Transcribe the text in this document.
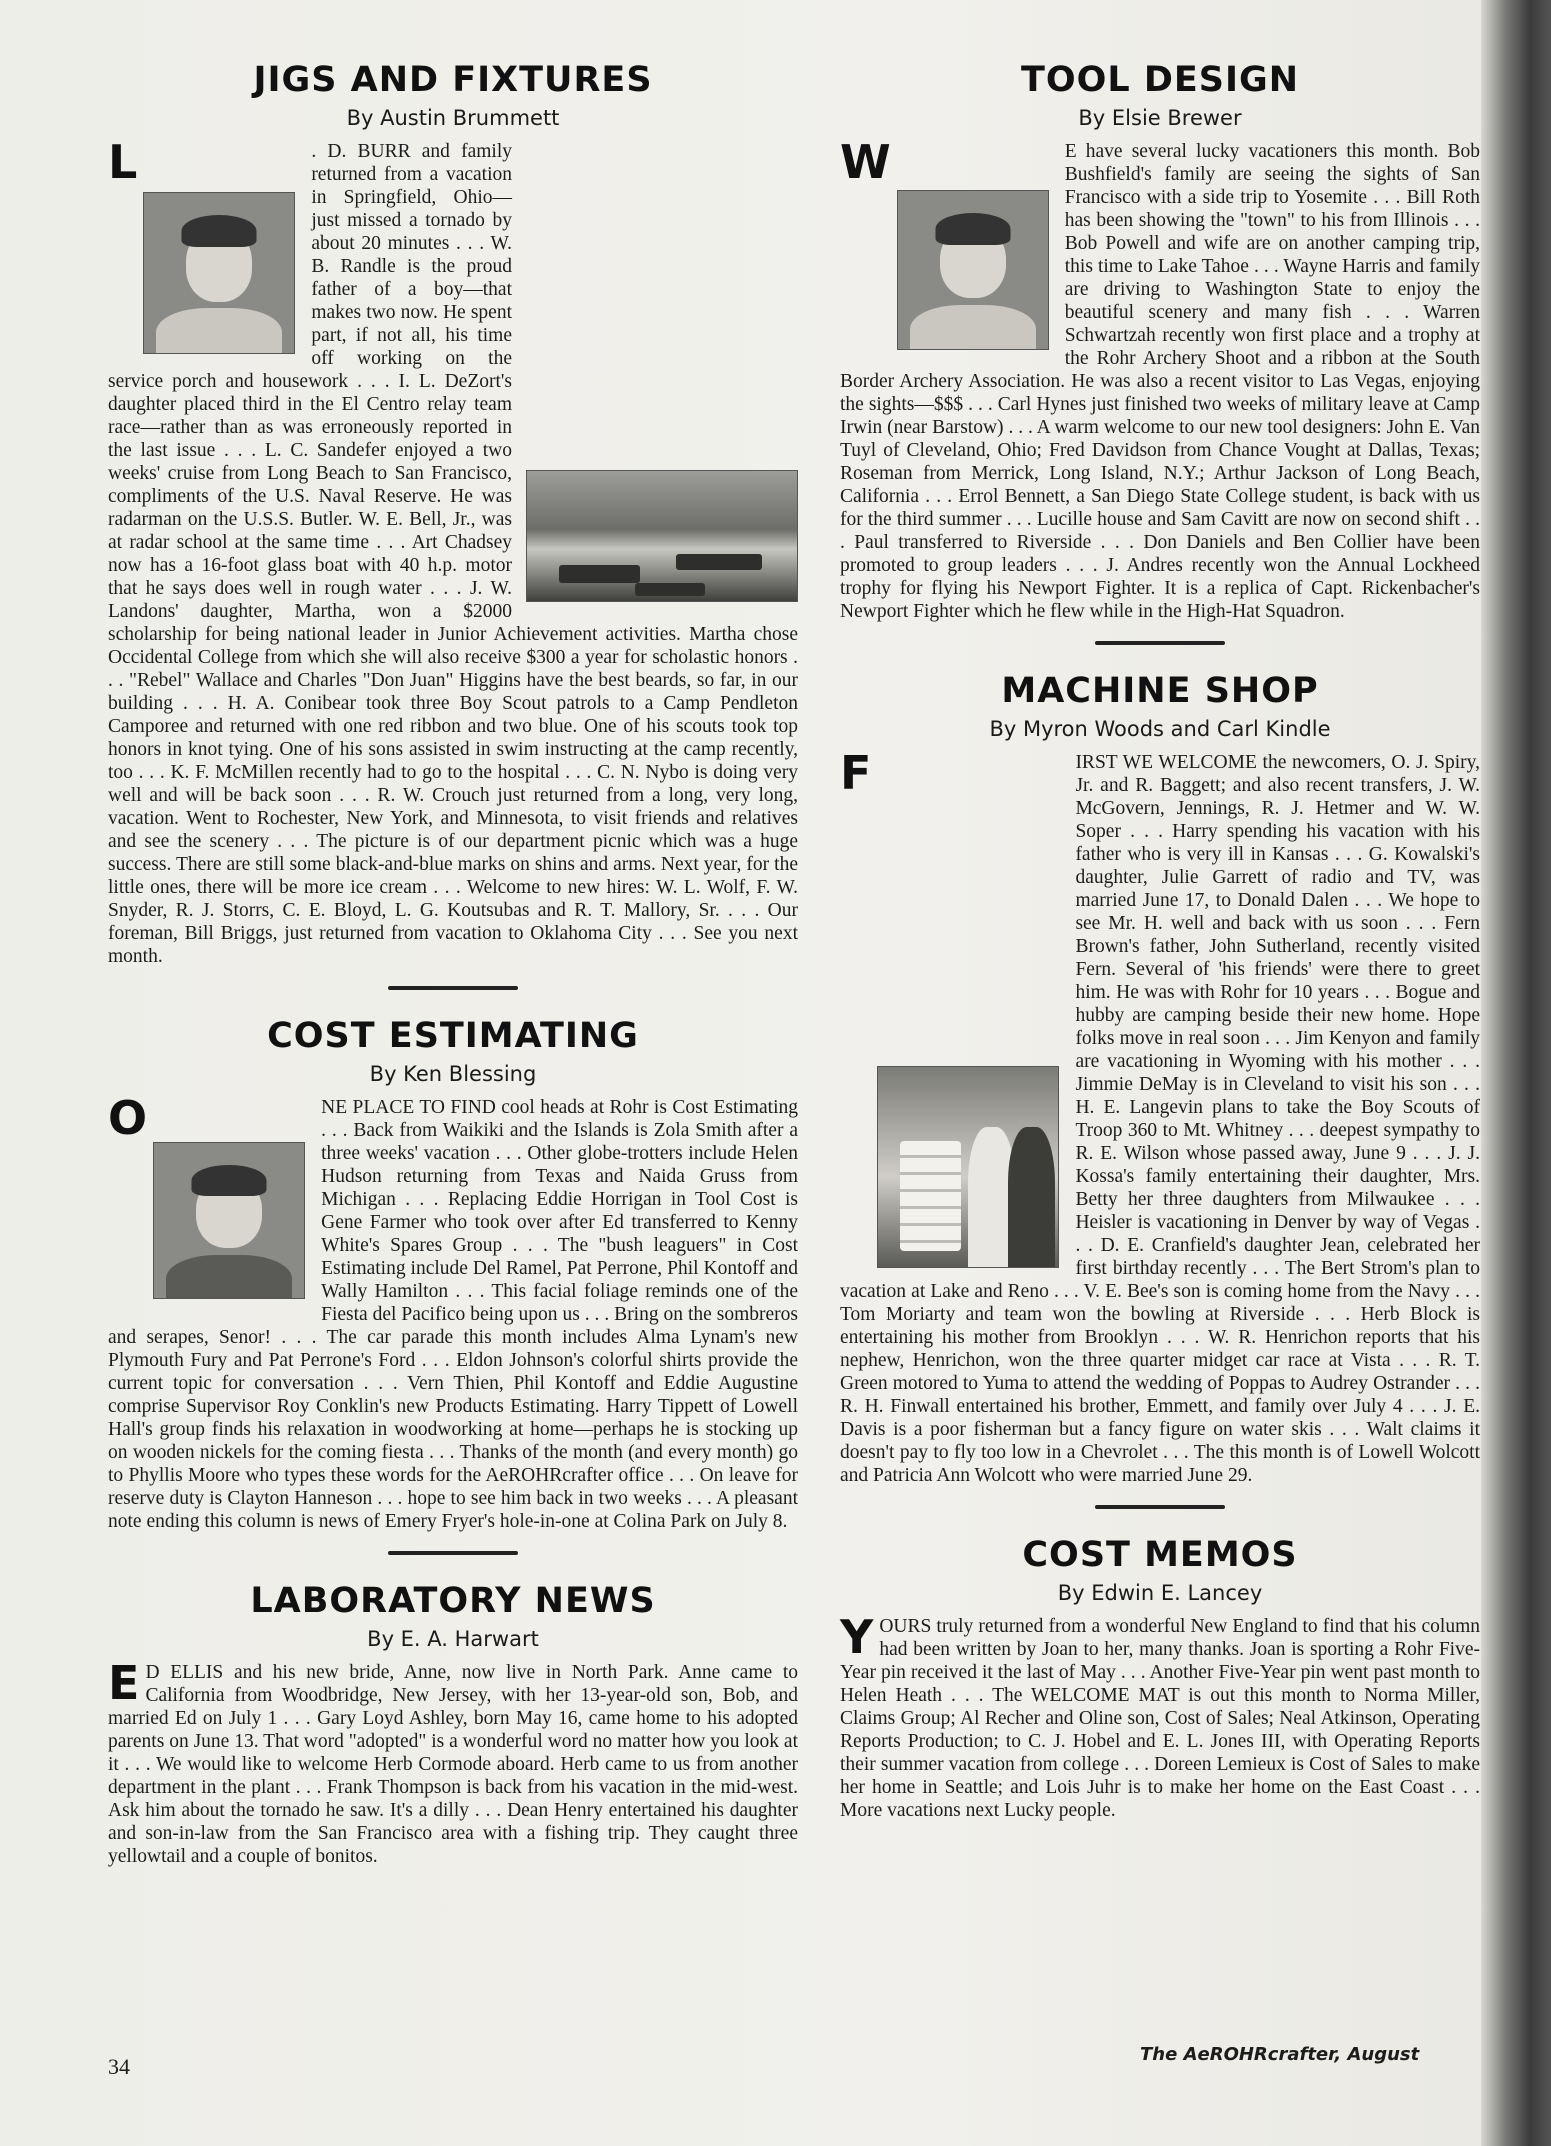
JIGS AND FIXTURES
By Austin Brummett
L	. D. BURR and family returned from a vacation in Springfield, Ohio—just missed a tornado by about 20 minutes . . . W. B. Randle is the proud father of a boy—that makes two now. He spent part, if not all, his time off working on the service porch and housework . . . I. L. DeZort's daughter placed third in the El Centro relay team race—rather than as was erroneously reported in the last issue . . . L. C. Sandefer enjoyed a two weeks' cruise from Long Beach to San Francisco, compliments of the U.S. Naval Reserve. He was radarman on the U.S.S. Butler. W. E. Bell, Jr., was at radar school at the same time . . . Art Chadsey now has a 16-foot glass boat with 40 h.p. motor that he says does well in rough water . . . J. W. Landons' daughter, Martha, won a $2000 scholarship for being national leader in Junior Achievement activities. Martha chose Occidental College from which she will also receive $300 a year for scholastic honors . . . "Rebel" Wallace and Charles "Don Juan" Higgins have the best beards, so far, in our building . . . H. A. Conibear took three Boy Scout patrols to a Camp Pendleton Camporee and returned with one red ribbon and two blue. One of his scouts took top honors in knot tying. One of his sons assisted in swim instructing at the camp recently, too . . . K. F. McMillen recently had to go to the hospital . . . C. N. Nybo is doing very well and will be back soon . . . R. W. Crouch just returned from a long, very long, vacation. Went to Rochester, New York, and Minnesota, to visit friends and relatives and see the scenery . . . The picture is of our department picnic which was a huge success. There are still some black-and-blue marks on shins and arms. Next year, for the little ones, there will be more ice cream . . . Welcome to new hires: W. L. Wolf, F. W. Snyder, R. J. Storrs, C. E. Bloyd, L. G. Koutsubas and R. T. Mallory, Sr. . . . Our foreman, Bill Briggs, just returned from vacation to Oklahoma City . . . See you next month.
COST ESTIMATING
By Ken Blessing
O	NE PLACE TO FIND cool heads at Rohr is Cost Estimating . . . Back from Waikiki and the Islands is Zola Smith after a three weeks' vacation . . . Other globe-trotters include Helen Hudson returning from Texas and Naida Gruss from Michigan . . . Replacing Eddie Horrigan in Tool Cost is Gene Farmer who took over after Ed transferred to Kenny White's Spares Group . . . The "bush leaguers" in Cost Estimating include Del Ramel, Pat Perrone, Phil Kontoff and Wally Hamilton . . . This facial foliage reminds one of the Fiesta del Pacifico being upon us . . . Bring on the sombreros and serapes, Senor! . . . The car parade this month includes Alma Lynam's new Plymouth Fury and Pat Perrone's Ford . . . Eldon Johnson's colorful shirts provide the current topic for conversation . . . Vern Thien, Phil Kontoff and Eddie Augustine comprise Supervisor Roy Conklin's new Products Estimating. Harry Tippett of Lowell Hall's group finds his relaxation in woodworking at home—perhaps he is stocking up on wooden nickels for the coming fiesta . . . Thanks of the month (and every month) go to Phyllis Moore who types these words for the AeROHRcrafter office . . . On leave for reserve duty is Clayton Hanneson . . . hope to see him back in two weeks . . . A pleasant note ending this column is news of Emery Fryer's hole-in-one at Colina Park on July 8.
LABORATORY NEWS
By E. A. Harwart
E D ELLIS and his new bride, Anne, now live in North Park. Anne came to California from Woodbridge, New Jersey, with her 13-year-old son, Bob, and married Ed on July 1 . . . Gary Loyd Ashley, born May 16, came home to his adopted parents on June 13. That word "adopted" is a wonderful word no matter how you look at it . . . We would like to welcome Herb Cormode aboard. Herb came to us from another department in the plant . . . Frank Thompson is back from his vacation in the mid-west. Ask him about the tornado he saw. It's a dilly . . . Dean Henry entertained his daughter and son-in-law from the San Francisco area with a fishing trip. They caught three yellowtail and a couple of bonitos.
TOOL DESIGN
By Elsie Brewer
W	E have several lucky vacationers this month. Bob Bushfield's family are seeing the sights of San Francisco with a side trip to Yosemite . . . Bill Roth has been showing the "town" to his from Illinois . . . Bob Powell and wife are on another camping trip, this time to Lake Tahoe . . . Wayne Harris and family are driving to Washington State to enjoy the beautiful scenery and many fish . . . Warren Schwartzah recently won first place and a trophy at the Rohr Archery Shoot and a ribbon at the South Border Archery Association. He was also a recent visitor to Las Vegas, enjoying the sights—$$$ . . . Carl Hynes just finished two weeks of military leave at Camp Irwin (near Barstow) . . . A warm welcome to our new tool designers: John E. Van Tuyl of Cleveland, Ohio; Fred Davidson from Chance Vought at Dallas, Texas; Roseman from Merrick, Long Island, N.Y.; Arthur Jackson of Long Beach, California . . . Errol Bennett, a San Diego State College student, is back with us for the third summer . . . Lucille house and Sam Cavitt are now on second shift . . . Paul transferred to Riverside . . . Don Daniels and Ben Collier have been promoted to group leaders . . . J. Andres recently won the Annual Lockheed trophy for flying his Newport Fighter. It is a replica of Capt. Rickenbacher's Newport Fighter which he flew while in the High-Hat Squadron.
MACHINE SHOP
By Myron Woods and Carl Kindle
F	IRST WE WELCOME the newcomers, O. J. Spiry, Jr. and R. Baggett; and also recent transfers, J. W. McGovern, Jennings, R. J. Hetmer and W. W. Soper . . . Harry spending his vacation with his father who is very ill in Kansas . . . G. Kowalski's daughter, Julie Garrett of radio and TV, was married June 17, to Donald Dalen . . . We hope to see Mr. H. well and back with us soon . . . Fern Brown's father, John Sutherland, recently visited Fern. Several of 'his friends' were there to greet him. He was with Rohr for 10 years . . . Bogue and hubby are camping beside their new home. Hope folks move in real soon . . . Jim Kenyon and family are vacationing in Wyoming with his mother . . . Jimmie DeMay is in Cleveland to visit his son . . . H. E. Langevin plans to take the Boy Scouts of Troop 360 to Mt. Whitney . . . deepest sympathy to R. E. Wilson whose passed away, June 9 . . . J. J. Kossa's family entertaining their daughter, Mrs. Betty her three daughters from Milwaukee . . . Heisler is vacationing in Denver by way of Vegas . . . D. E. Cranfield's daughter Jean, celebrated her first birthday recently . . . The Bert Strom's plan to vacation at Lake and Reno . . . V. E. Bee's son is coming home from the Navy . . . Tom Moriarty and team won the bowling at Riverside . . . Herb Block is entertaining his mother from Brooklyn . . . W. R. Henrichon reports that his nephew, Henrichon, won the three quarter midget car race at Vista . . . R. T. Green motored to Yuma to attend the wedding of Poppas to Audrey Ostrander . . . R. H. Finwall entertained his brother, Emmett, and family over July 4 . . . J. E. Davis is a poor fisherman but a fancy figure on water skis . . . Walt claims it doesn't pay to fly too low in a Chevrolet . . . The this month is of Lowell Wolcott and Patricia Ann Wolcott who were married June 29.
COST MEMOS
By Edwin E. Lancey
Y OURS truly returned from a wonderful New England to find that his column had been written by Joan to her, many thanks. Joan is sporting a Rohr Five-Year pin received it the last of May . . . Another Five-Year pin went past month to Helen Heath . . . The WELCOME MAT is out this month to Norma Miller, Claims Group; Al Recher and Oline son, Cost of Sales; Neal Atkinson, Operating Reports Production; to C. J. Hobel and E. L. Jones III, with Operating Reports their summer vacation from college . . . Doreen Lemieux is Cost of Sales to make her home in Seattle; and Lois Juhr is to make her home on the East Coast . . . More vacations next Lucky people.
34	The AeROHRcrafter, August
